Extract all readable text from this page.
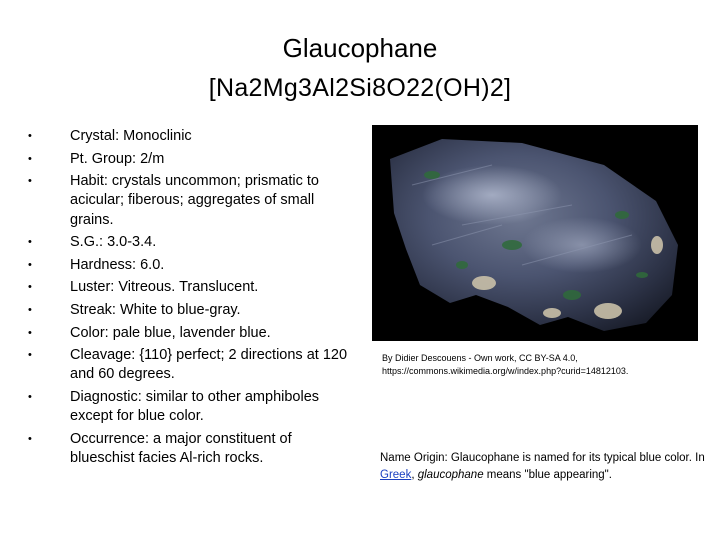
Glaucophane
[Na2Mg3Al2Si8O22(OH)2]
•	Crystal: Monoclinic
•	Pt. Group: 2/m
•	Habit: crystals uncommon; prismatic to acicular; fiberous; aggregates of small grains.
•	S.G.: 3.0-3.4.
•	Hardness: 6.0.
•	Luster: Vitreous. Translucent.
•	Streak: White to blue-gray.
•	Color: pale blue, lavender blue.
•	Cleavage: {110} perfect; 2 directions at 120 and 60 degrees.
•	Diagnostic: similar to other amphiboles except for blue color.
•	Occurrence: a major constituent of blueschist facies Al-rich rocks.
By Didier Descouens - Own work, CC BY-SA 4.0, https://commons.wikimedia.org/w/index.php?curid=14812103.
Name Origin: Glaucophane is named for its typical blue color. In Greek, glaucophane means "blue appearing".
